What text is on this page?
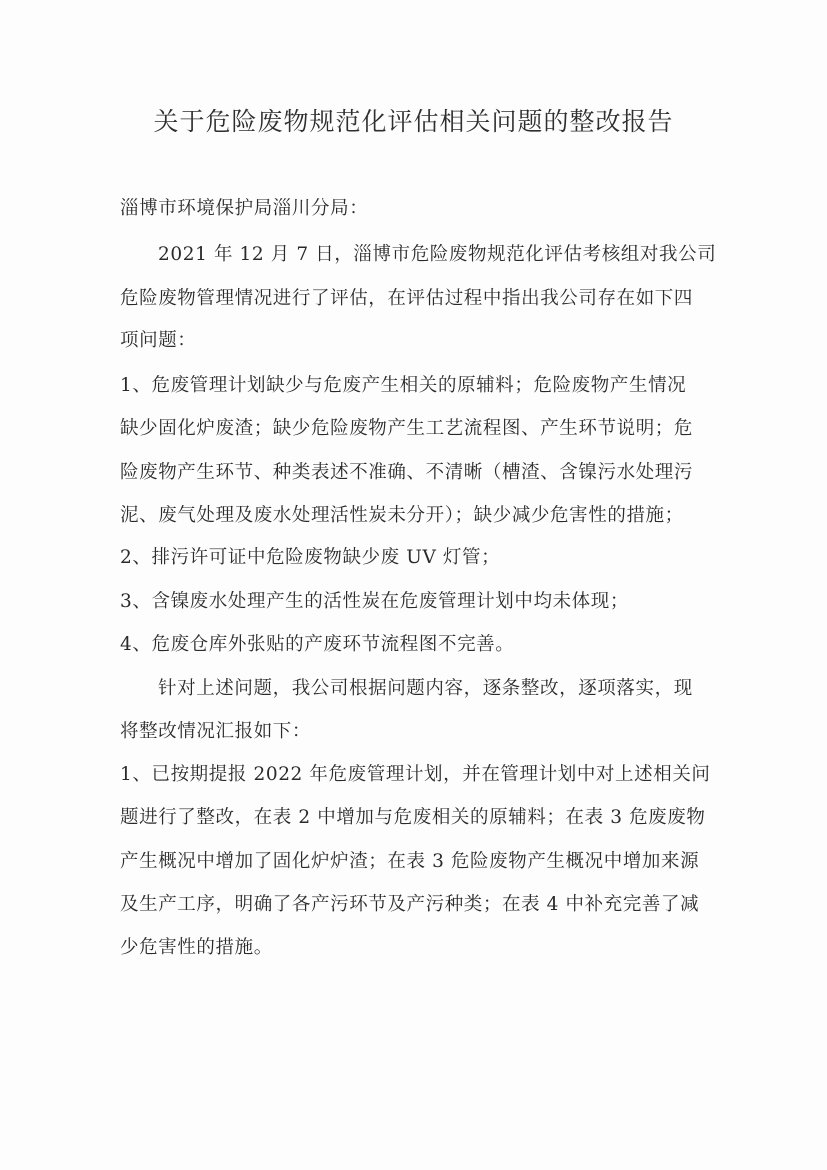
关于危险废物规范化评估相关问题的整改报告
淄博市环境保护局淄川分局：
2021 年 12 月 7 日，淄博市危险废物规范化评估考核组对我公司
危险废物管理情况进行了评估，在评估过程中指出我公司存在如下四
项问题：
1、危废管理计划缺少与危废产生相关的原辅料；危险废物产生情况
缺少固化炉废渣；缺少危险废物产生工艺流程图、产生环节说明；危
险废物产生环节、种类表述不准确、不清晰（槽渣、含镍污水处理污
泥、废气处理及废水处理活性炭未分开）；缺少减少危害性的措施；
2、排污许可证中危险废物缺少废 UV 灯管；
3、含镍废水处理产生的活性炭在危废管理计划中均未体现；
4、危废仓库外张贴的产废环节流程图不完善。
针对上述问题，我公司根据问题内容，逐条整改，逐项落实，现
将整改情况汇报如下：
1、已按期提报 2022 年危废管理计划，并在管理计划中对上述相关问
题进行了整改，在表 2 中增加与危废相关的原辅料；在表 3 危废废物
产生概况中增加了固化炉炉渣；在表 3 危险废物产生概况中增加来源
及生产工序，明确了各产污环节及产污种类；在表 4 中补充完善了减
少危害性的措施。
